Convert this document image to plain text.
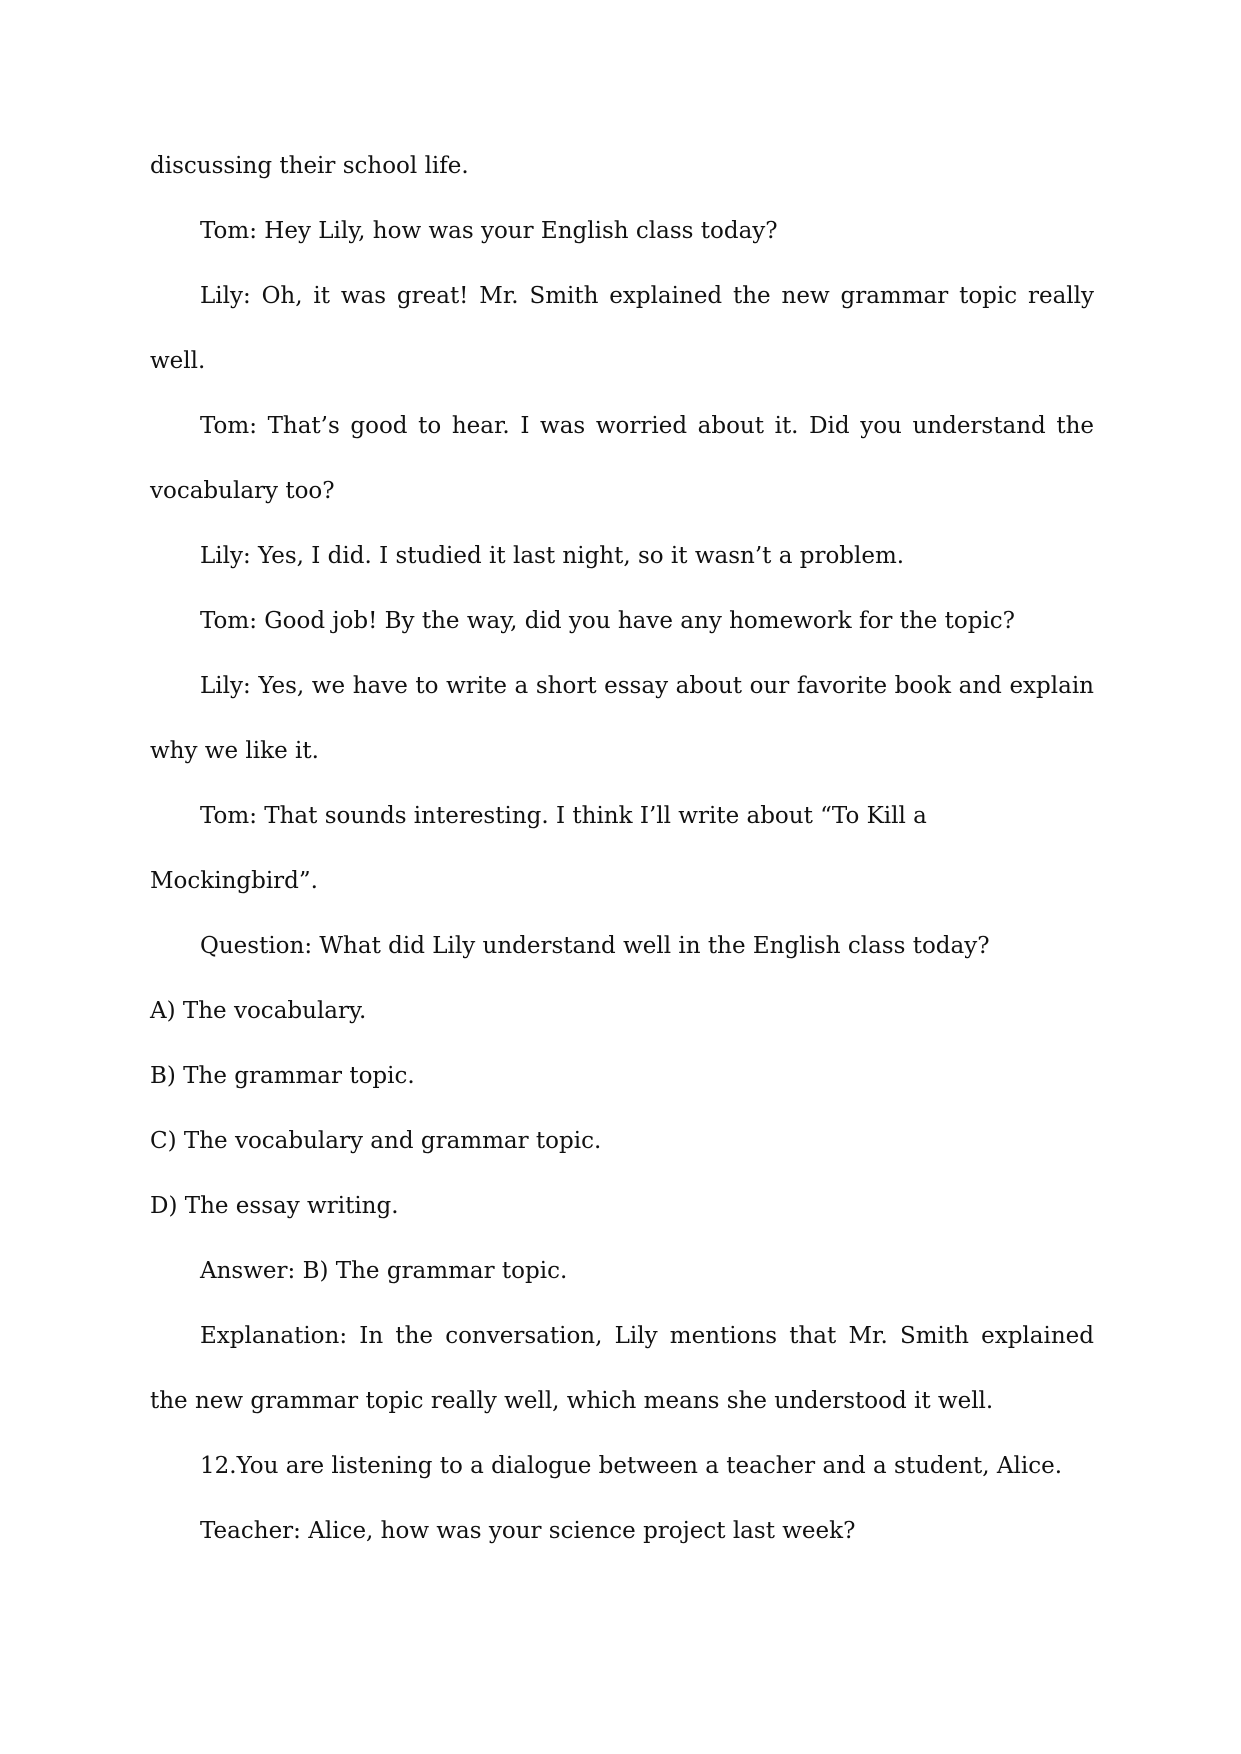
discussing their school life.
Tom: Hey Lily, how was your English class today?
Lily: Oh, it was great! Mr. Smith explained the new grammar topic really
well.
Tom: That’s good to hear. I was worried about it. Did you understand the
vocabulary too?
Lily: Yes, I did. I studied it last night, so it wasn’t a problem.
Tom: Good job! By the way, did you have any homework for the topic?
Lily: Yes, we have to write a short essay about our favorite book and explain
why we like it.
Tom: That sounds interesting. I think I’ll write about “To Kill a
Mockingbird”.
Question: What did Lily understand well in the English class today?
A) The vocabulary.
B) The grammar topic.
C) The vocabulary and grammar topic.
D) The essay writing.
Answer: B) The grammar topic.
Explanation: In the conversation, Lily mentions that Mr. Smith explained
the new grammar topic really well, which means she understood it well.
12.You are listening to a dialogue between a teacher and a student, Alice.
Teacher: Alice, how was your science project last week?
